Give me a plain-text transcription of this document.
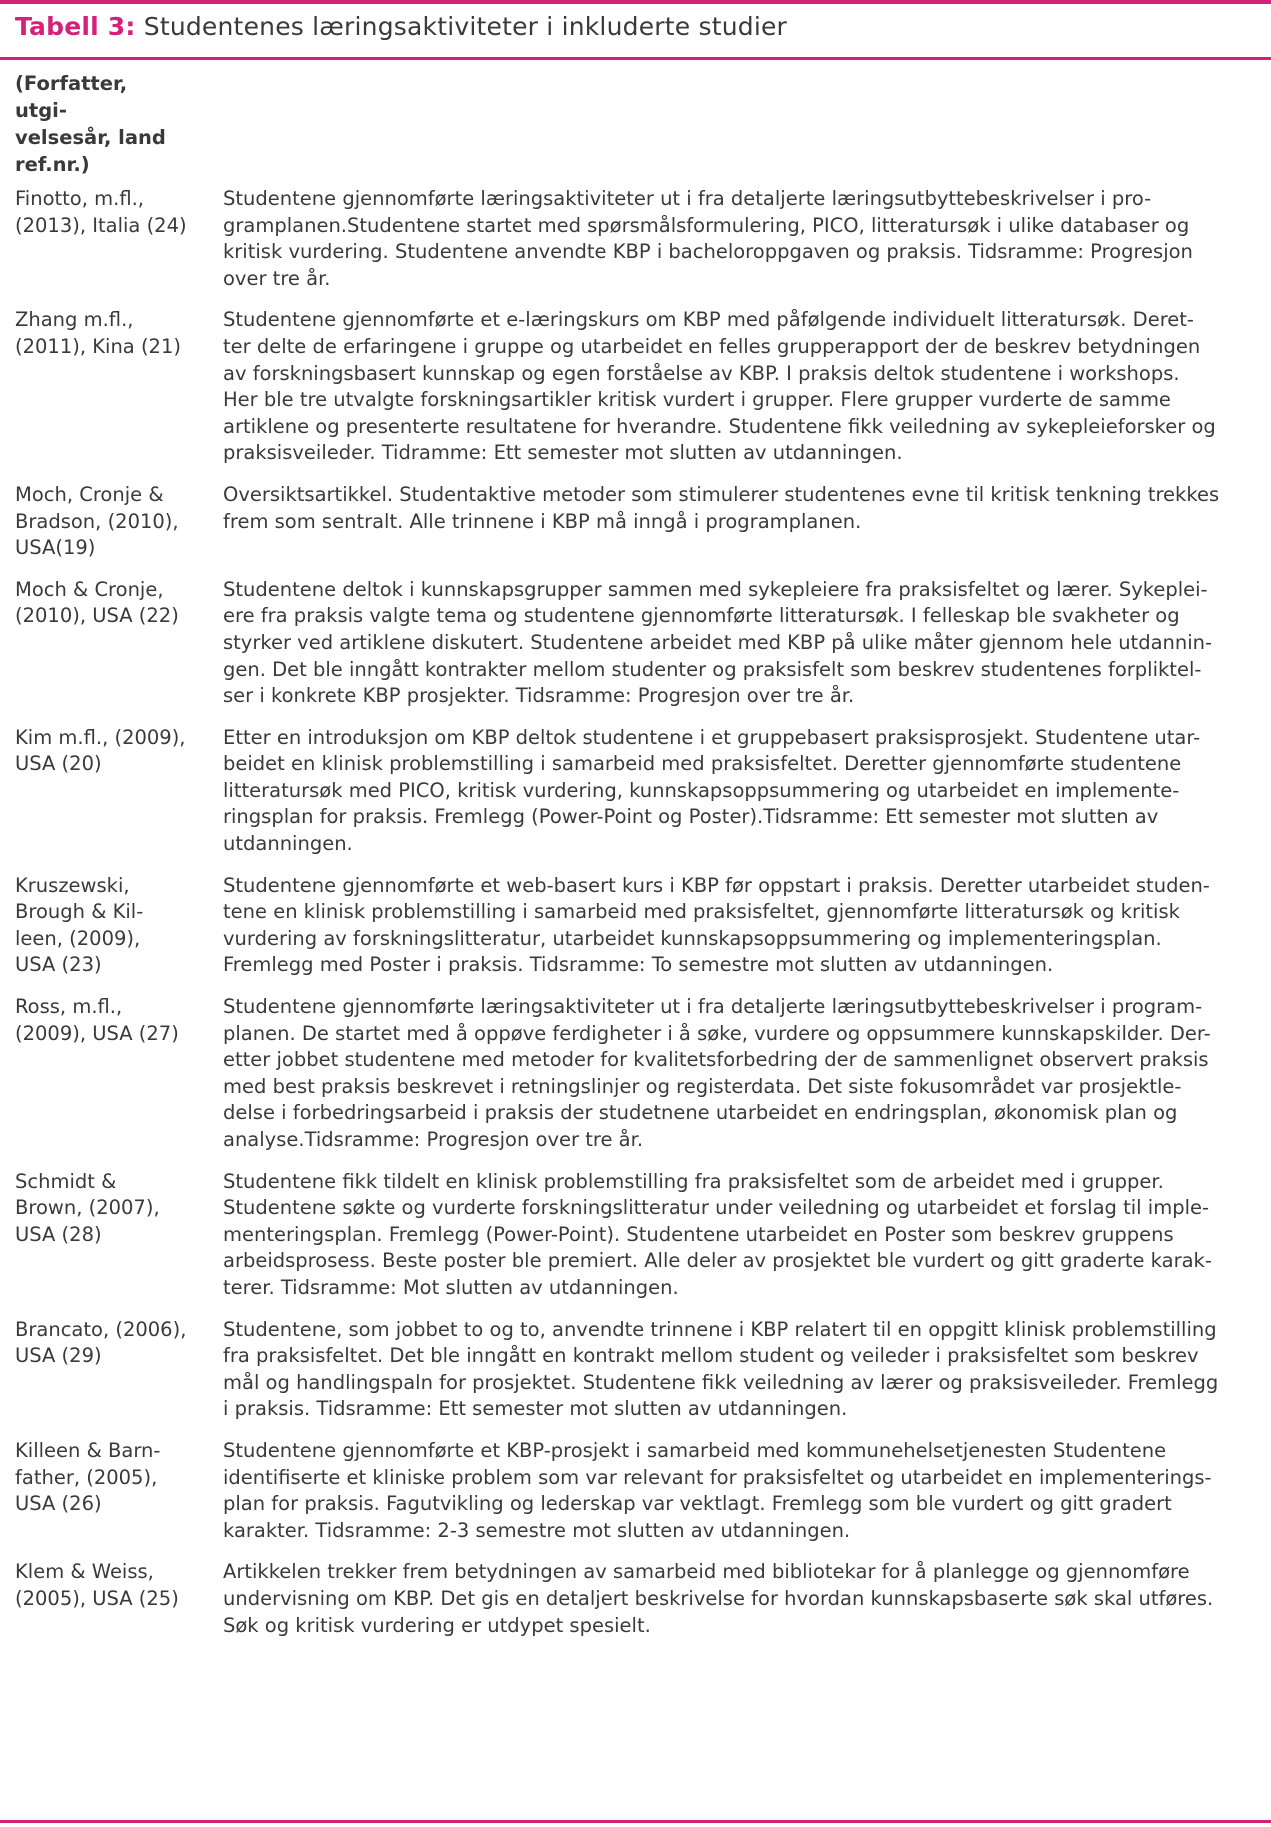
Tabell 3: Studentenes læringsaktiviteter i inkluderte studier
(Forfatter, utgi-
velsesår, land
ref.nr.)
Finotto, m.fl.,
(2013), Italia (24)
Studentene gjennomførte læringsaktiviteter ut i fra detaljerte læringsutbyttebeskrivelser i pro-
gramplanen.Studentene startet med spørsmålsformulering, PICO, litteratursøk i ulike databaser og
kritisk vurdering. Studentene anvendte KBP i bacheloroppgaven og praksis. Tidsramme: Progresjon
over tre år.
Zhang m.fl.,
(2011), Kina (21)
Studentene gjennomførte et e-læringskurs om KBP med påfølgende individuelt litteratursøk. Deret-
ter delte de erfaringene i gruppe og utarbeidet en felles grupperapport der de beskrev betydningen
av forskningsbasert kunnskap og egen forståelse av KBP. I praksis deltok studentene i workshops.
Her ble tre utvalgte forskningsartikler kritisk vurdert i grupper. Flere grupper vurderte de samme
artiklene og presenterte resultatene for hverandre. Studentene fikk veiledning av sykepleieforsker og
praksisveileder. Tidramme: Ett semester mot slutten av utdanningen.
Moch, Cronje &
Bradson, (2010),
USA(19)
Oversiktsartikkel. Studentaktive metoder som stimulerer studentenes evne til kritisk tenkning trekkes
frem som sentralt. Alle trinnene i KBP må inngå i programplanen.
Moch & Cronje,
(2010), USA (22)
Studentene deltok i kunnskapsgrupper sammen med sykepleiere fra praksisfeltet og lærer. Sykeplei-
ere fra praksis valgte tema og studentene gjennomførte litteratursøk. I felleskap ble svakheter og
styrker ved artiklene diskutert. Studentene arbeidet med KBP på ulike måter gjennom hele utdannin-
gen. Det ble inngått kontrakter mellom studenter og praksisfelt som beskrev studentenes forpliktel-
ser i konkrete KBP prosjekter. Tidsramme: Progresjon over tre år.
Kim m.fl., (2009),
USA (20)
Etter en introduksjon om KBP deltok studentene i et gruppebasert praksisprosjekt. Studentene utar-
beidet en klinisk problemstilling i samarbeid med praksisfeltet. Deretter gjennomførte studentene
litteratursøk med PICO, kritisk vurdering, kunnskapsoppsummering og utarbeidet en implemente-
ringsplan for praksis. Fremlegg (Power-Point og Poster).Tidsramme: Ett semester mot slutten av
utdanningen.
Kruszewski,
Brough & Kil-
leen, (2009),
USA (23)
Studentene gjennomførte et web-basert kurs i KBP før oppstart i praksis. Deretter utarbeidet studen-
tene en klinisk problemstilling i samarbeid med praksisfeltet, gjennomførte litteratursøk og kritisk
vurdering av forskningslitteratur, utarbeidet kunnskapsoppsummering og implementeringsplan.
Fremlegg med Poster i praksis. Tidsramme: To semestre mot slutten av utdanningen.
Ross, m.fl.,
(2009), USA (27)
Studentene gjennomførte læringsaktiviteter ut i fra detaljerte læringsutbyttebeskrivelser i program-
planen. De startet med å oppøve ferdigheter i å søke, vurdere og oppsummere kunnskapskilder. Der-
etter jobbet studentene med metoder for kvalitetsforbedring der de sammenlignet observert praksis
med best praksis beskrevet i retningslinjer og registerdata. Det siste fokusområdet var prosjektle-
delse i forbedringsarbeid i praksis der studetnene utarbeidet en endringsplan, økonomisk plan og
analyse.Tidsramme: Progresjon over tre år.
Schmidt &
Brown, (2007),
USA (28)
Studentene fikk tildelt en klinisk problemstilling fra praksisfeltet som de arbeidet med i grupper.
Studentene søkte og vurderte forskningslitteratur under veiledning og utarbeidet et forslag til imple-
menteringsplan. Fremlegg (Power-Point). Studentene utarbeidet en Poster som beskrev gruppens
arbeidsprosess. Beste poster ble premiert. Alle deler av prosjektet ble vurdert og gitt graderte karak-
terer. Tidsramme: Mot slutten av utdanningen.
Brancato, (2006),
USA (29)
Studentene, som jobbet to og to, anvendte trinnene i KBP relatert til en oppgitt klinisk problemstilling
fra praksisfeltet. Det ble inngått en kontrakt mellom student og veileder i praksisfeltet som beskrev
mål og handlingspaln for prosjektet. Studentene fikk veiledning av lærer og praksisveileder. Fremlegg
i praksis. Tidsramme: Ett semester mot slutten av utdanningen.
Killeen & Barn-
father, (2005),
USA (26)
Studentene gjennomførte et KBP-prosjekt i samarbeid med kommunehelsetjenesten Studentene
identifiserte et kliniske problem som var relevant for praksisfeltet og utarbeidet en implementerings-
plan for praksis. Fagutvikling og lederskap var vektlagt. Fremlegg som ble vurdert og gitt gradert
karakter. Tidsramme: 2-3 semestre mot slutten av utdanningen.
Klem & Weiss,
(2005), USA (25)
Artikkelen trekker frem betydningen av samarbeid med bibliotekar for å planlegge og gjennomføre
undervisning om KBP. Det gis en detaljert beskrivelse for hvordan kunnskapsbaserte søk skal utføres.
Søk og kritisk vurdering er utdypet spesielt.
